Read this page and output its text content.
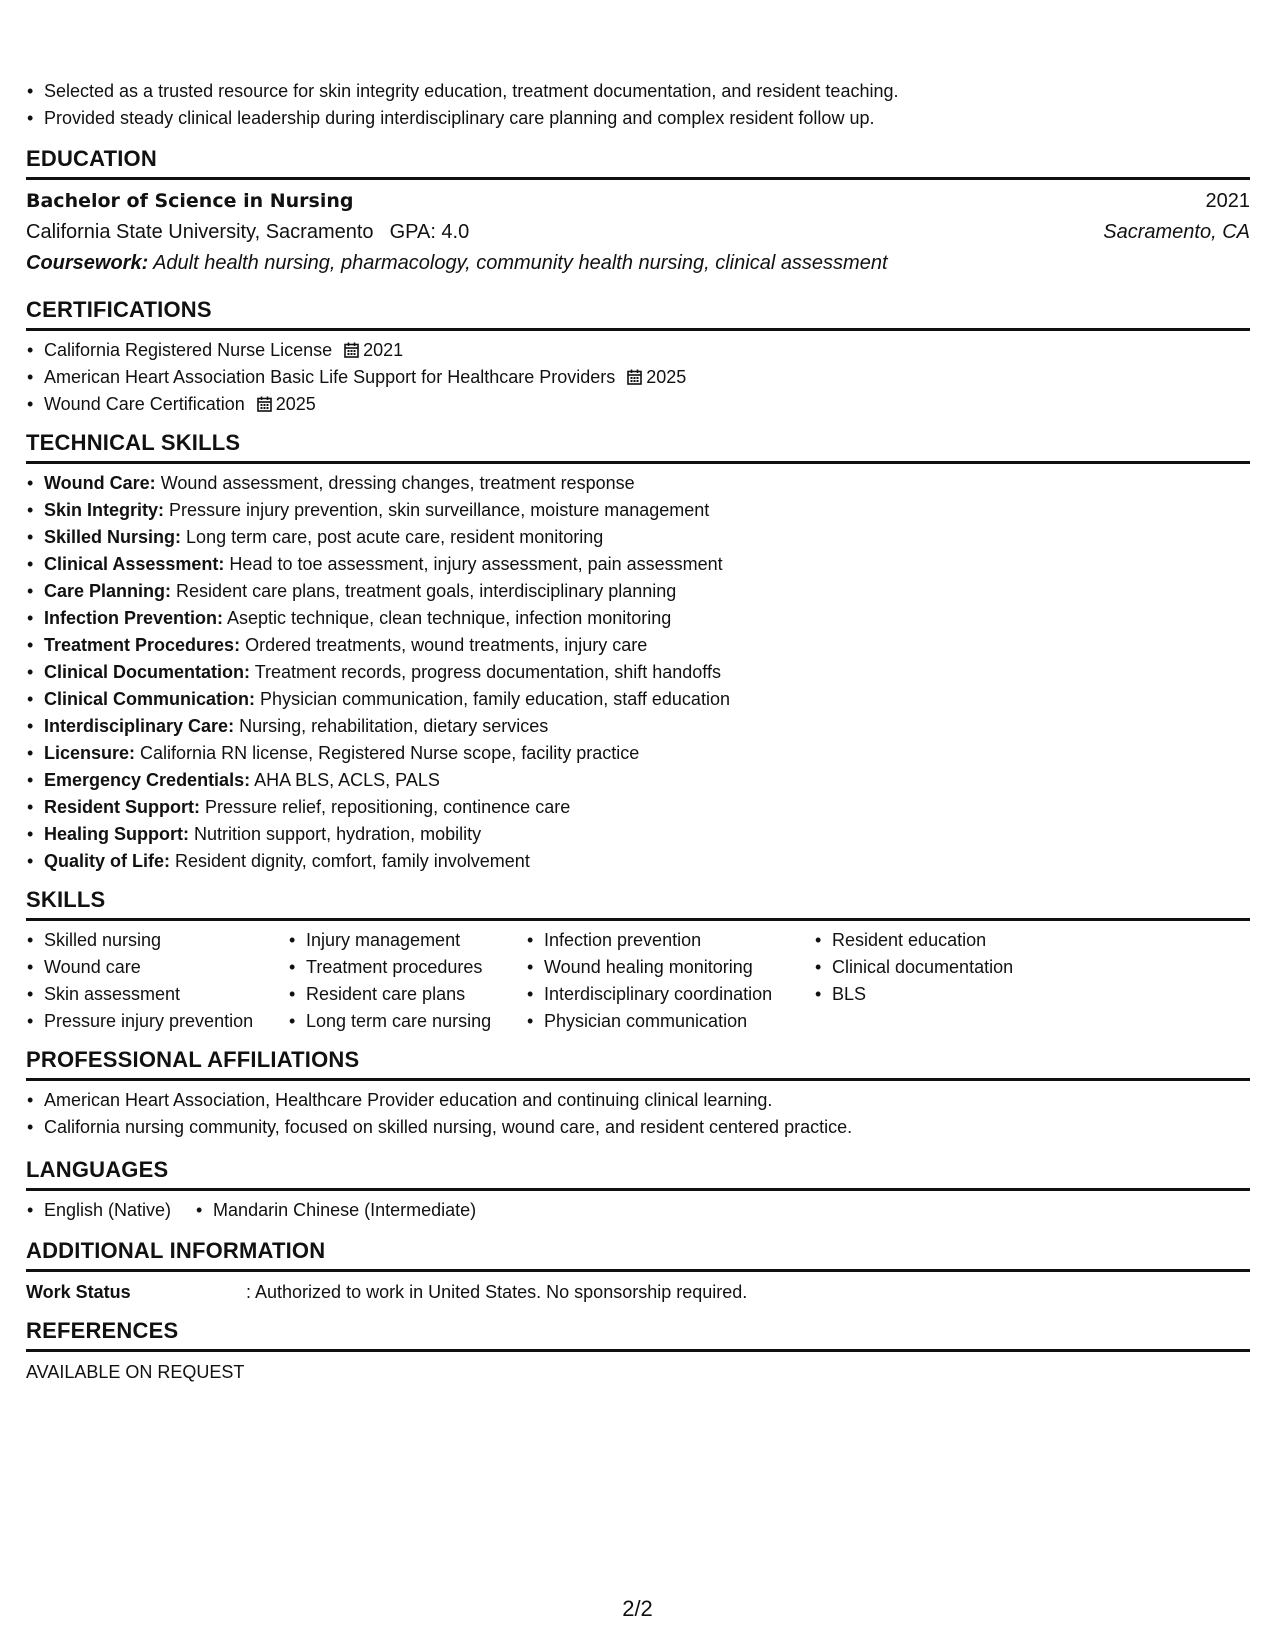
• Selected as a trusted resource for skin integrity education, treatment documentation, and resident teaching.
• Provided steady clinical leadership during interdisciplinary care planning and complex resident follow up.
EDUCATION
Bachelor of Science in Nursing	2021
California State University, Sacramento GPA: 4.0	Sacramento, CA
Coursework: Adult health nursing, pharmacology, community health nursing, clinical assessment
CERTIFICATIONS
• California Registered Nurse License 2021
• American Heart Association Basic Life Support for Healthcare Providers 2025
• Wound Care Certification 2025
TECHNICAL SKILLS
• Wound Care: Wound assessment, dressing changes, treatment response
• Skin Integrity: Pressure injury prevention, skin surveillance, moisture management
• Skilled Nursing: Long term care, post acute care, resident monitoring
• Clinical Assessment: Head to toe assessment, injury assessment, pain assessment
• Care Planning: Resident care plans, treatment goals, interdisciplinary planning
• Infection Prevention: Aseptic technique, clean technique, infection monitoring
• Treatment Procedures: Ordered treatments, wound treatments, injury care
• Clinical Documentation: Treatment records, progress documentation, shift handoffs
• Clinical Communication: Physician communication, family education, staff education
• Interdisciplinary Care: Nursing, rehabilitation, dietary services
• Licensure: California RN license, Registered Nurse scope, facility practice
• Emergency Credentials: AHA BLS, ACLS, PALS
• Resident Support: Pressure relief, repositioning, continence care
• Healing Support: Nutrition support, hydration, mobility
• Quality of Life: Resident dignity, comfort, family involvement
SKILLS
• Skilled nursing
• Wound care
• Skin assessment
• Pressure injury prevention
• Injury management
• Treatment procedures
• Resident care plans
• Long term care nursing
• Infection prevention
• Wound healing monitoring
• Interdisciplinary coordination
• Physician communication
• Resident education
• Clinical documentation
• BLS
PROFESSIONAL AFFILIATIONS
• American Heart Association, Healthcare Provider education and continuing clinical learning.
• California nursing community, focused on skilled nursing, wound care, and resident centered practice.
LANGUAGES
• English (Native)
•	Mandarin Chinese (Intermediate)
ADDITIONAL INFORMATION
Work Status	: Authorized to work in United States. No sponsorship required.
REFERENCES
AVAILABLE ON REQUEST
2/2
